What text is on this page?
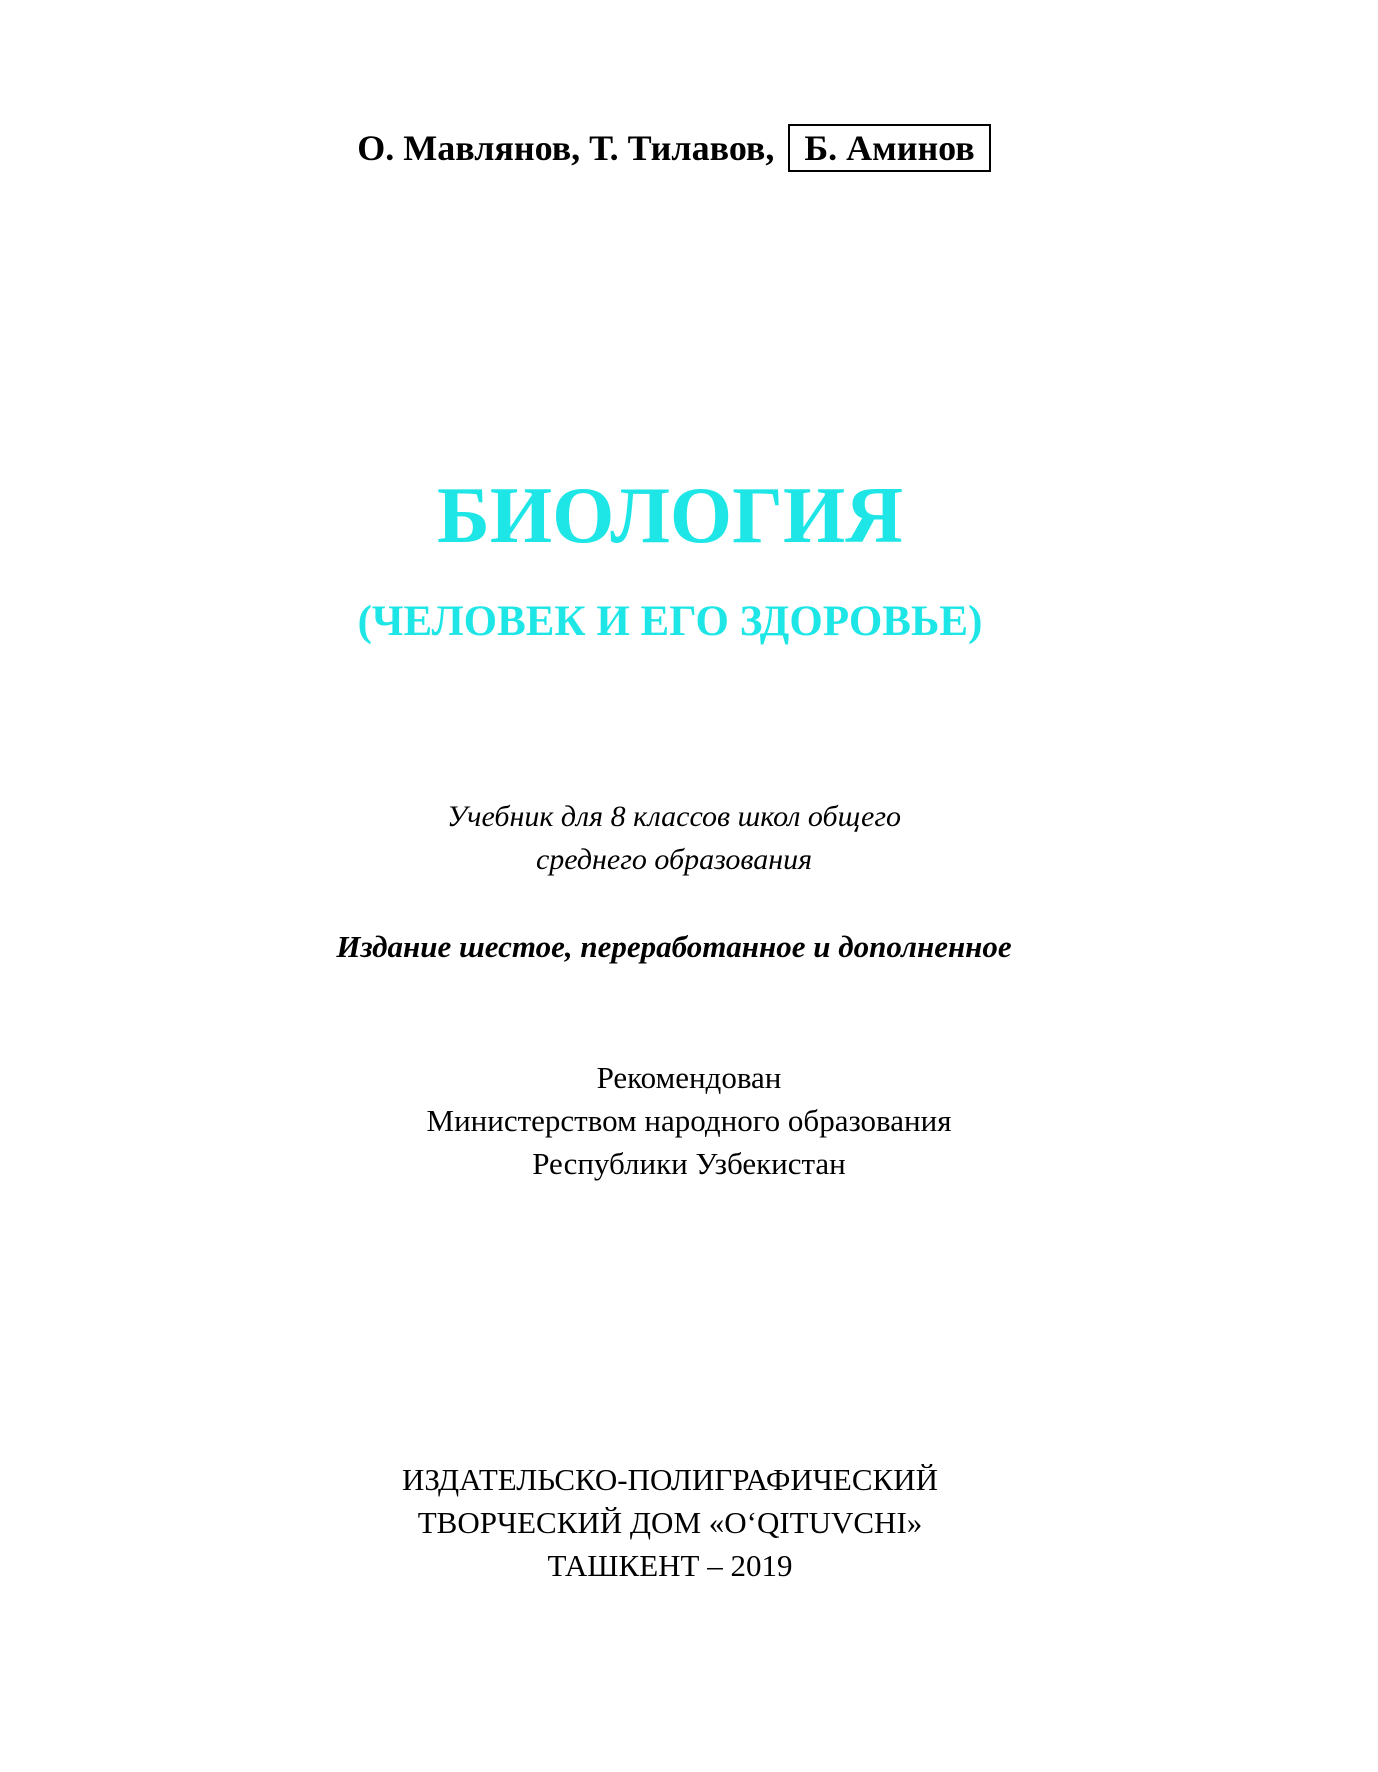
О. Мавлянов, Т. Тилавов, Б. Аминов
БИОЛОГИЯ
(ЧЕЛОВЕК И ЕГО ЗДОРОВЬЕ)
Учебник для 8 классов школ общего
среднего образования
Издание шестое, переработанное и дополненное
Рекомендован
Министерством народного образования
Республики Узбекистан
ИЗДАТЕЛЬСКО-ПОЛИГРАФИЧЕСКИЙ
ТВОРЧЕСКИЙ ДОМ «O‘QITUVCHI»
ТАШКЕНТ – 2019
